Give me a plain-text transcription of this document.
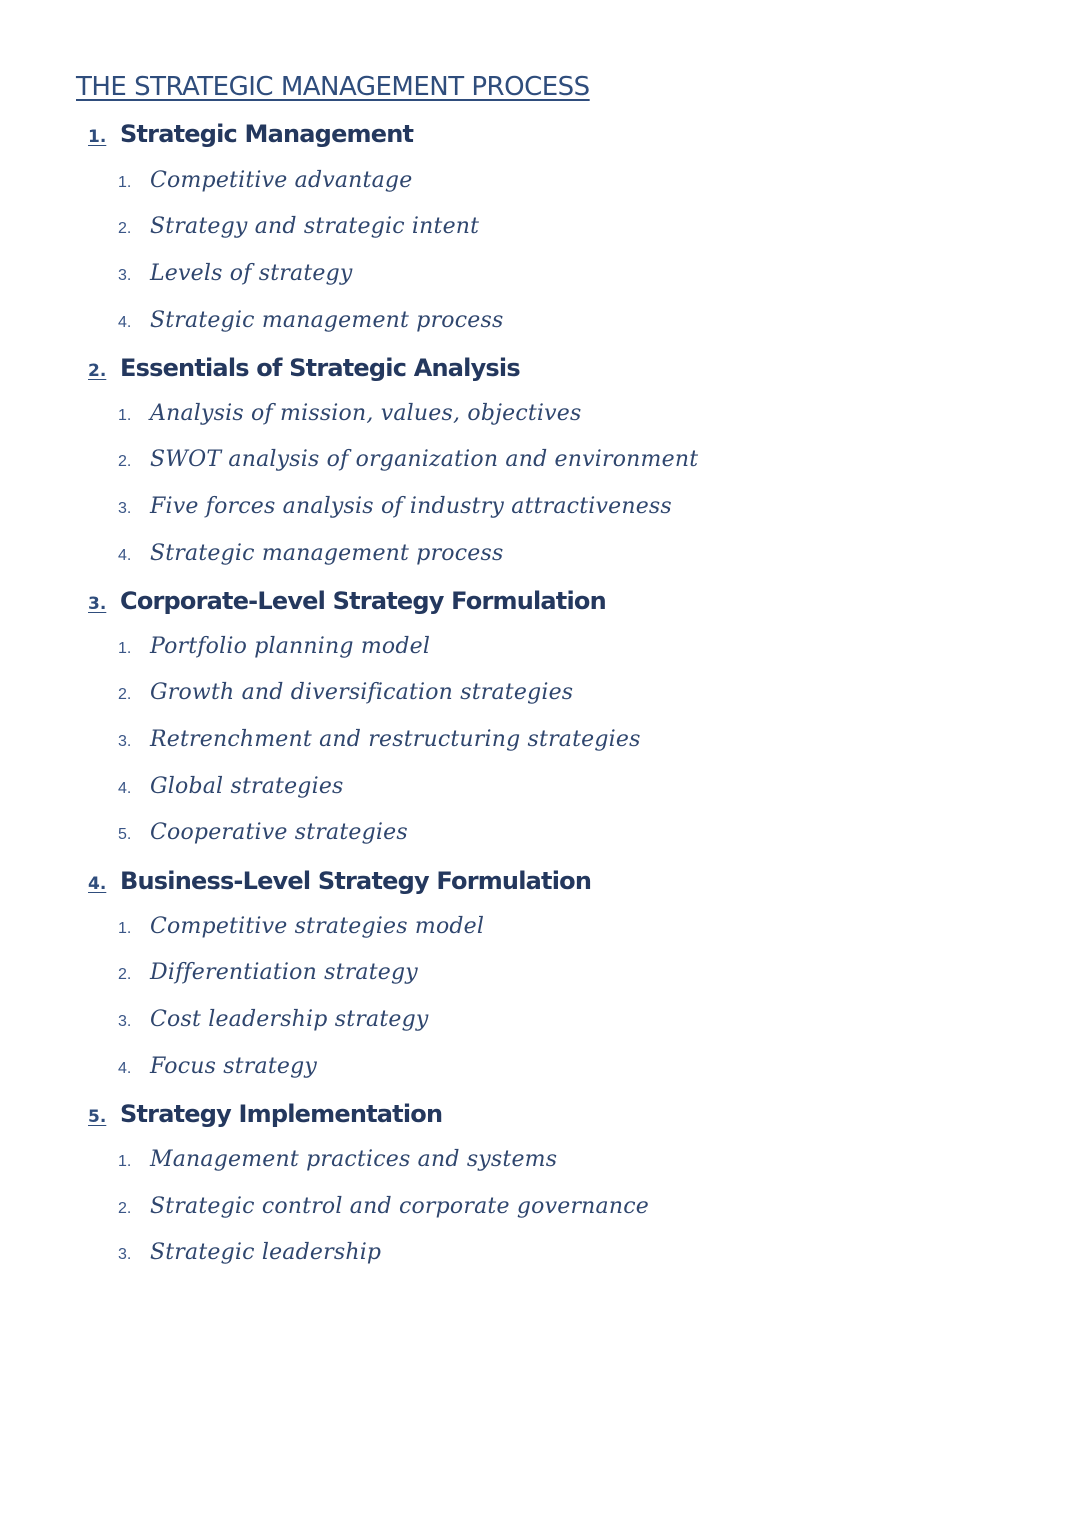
THE STRATEGIC MANAGEMENT PROCESS
1. Strategic Management
1. Competitive advantage
2. Strategy and strategic intent
3. Levels of strategy
4. Strategic management process
2. Essentials of Strategic Analysis
1. Analysis of mission, values, objectives
2. SWOT analysis of organization and environment
3. Five forces analysis of industry attractiveness
4. Strategic management process
3. Corporate-Level Strategy Formulation
1. Portfolio planning model
2. Growth and diversification strategies
3. Retrenchment and restructuring strategies
4. Global strategies
5. Cooperative strategies
4. Business-Level Strategy Formulation
1. Competitive strategies model
2. Differentiation strategy
3. Cost leadership strategy
4. Focus strategy
5. Strategy Implementation
1. Management practices and systems
2. Strategic control and corporate governance
3. Strategic leadership
